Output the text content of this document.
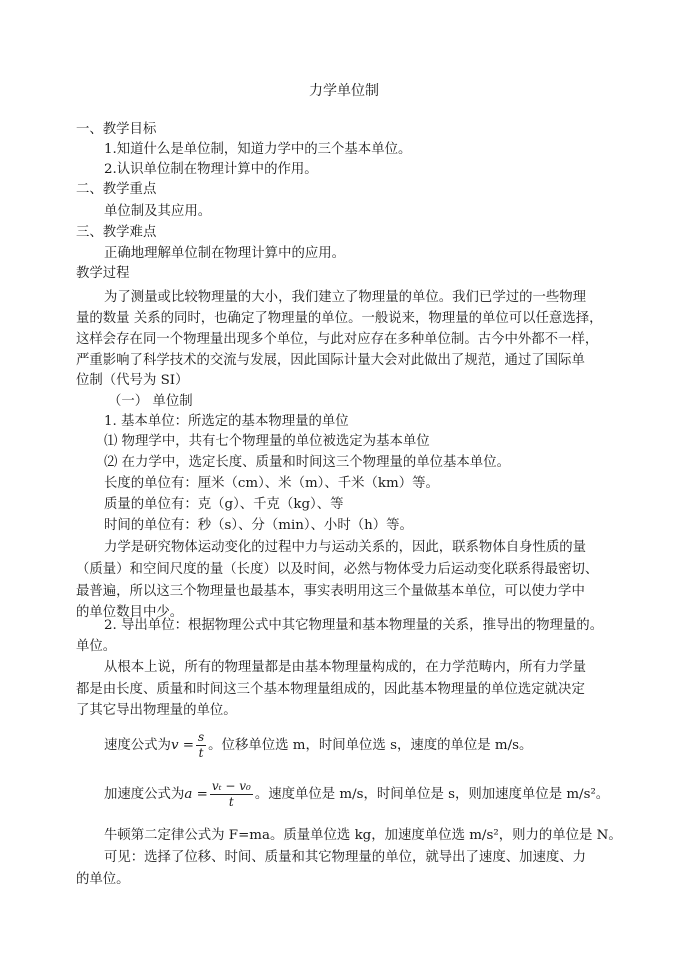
力学单位制
一、教学目标
1.知道什么是单位制，知道力学中的三个基本单位。
2.认识单位制在物理计算中的作用。
二、教学重点
单位制及其应用。
三、教学难点
正确地理解单位制在物理计算中的应用。
教学过程
为了测量或比较物理量的大小，我们建立了物理量的单位。我们已学过的一些物理
量的数量 关系的同时，也确定了物理量的单位。一般说来，物理量的单位可以任意选择，
这样会存在同一个物理量出现多个单位，与此对应存在多种单位制。古今中外都不一样，
严重影响了科学技术的交流与发展，因此国际计量大会对此做出了规范，通过了国际单
位制（代号为 SI）
（一） 单位制
1. 基本单位：所选定的基本物理量的单位
⑴ 物理学中，共有七个物理量的单位被选定为基本单位
⑵ 在力学中，选定长度、质量和时间这三个物理量的单位基本单位。
长度的单位有：厘米（cm）、米（m）、千米（km）等。
质量的单位有：克（g）、千克（kg）、等
时间的单位有：秒（s）、分（min）、小时（h）等。
力学是研究物体运动变化的过程中力与运动关系的，因此，联系物体自身性质的量
（质量）和空间尺度的量（长度）以及时间，必然与物体受力后运动变化联系得最密切、
最普遍，所以这三个物理量也最基本，事实表明用这三个量做基本单位，可以使力学中
的单位数目中少。
2. 导出单位：根据物理公式中其它物理量和基本物理量的关系，推导出的物理量的。
单位。
从根本上说，所有的物理量都是由基本物理量构成的，在力学范畴内，所有力学量
都是由长度、质量和时间这三个基本物理量组成的，因此基本物理量的单位选定就决定
了其它导出物理量的单位。
速度公式为$v = \frac{s}{t}$ 。位移单位选 m，时间单位选 s，速度的单位是 m/s。
加速度公式为$a = \frac{\text{vₜ − v₀}}{t}$ 。速度单位是 m/s，时间单位是 s，则加速度单位是 m/s²。
牛顿第二定律公式为 F=ma。质量单位选 kg，加速度单位选 m/s²，则力的单位是 N。
可见：选择了位移、时间、质量和其它物理量的单位，就导出了速度、加速度、力
的单位。
